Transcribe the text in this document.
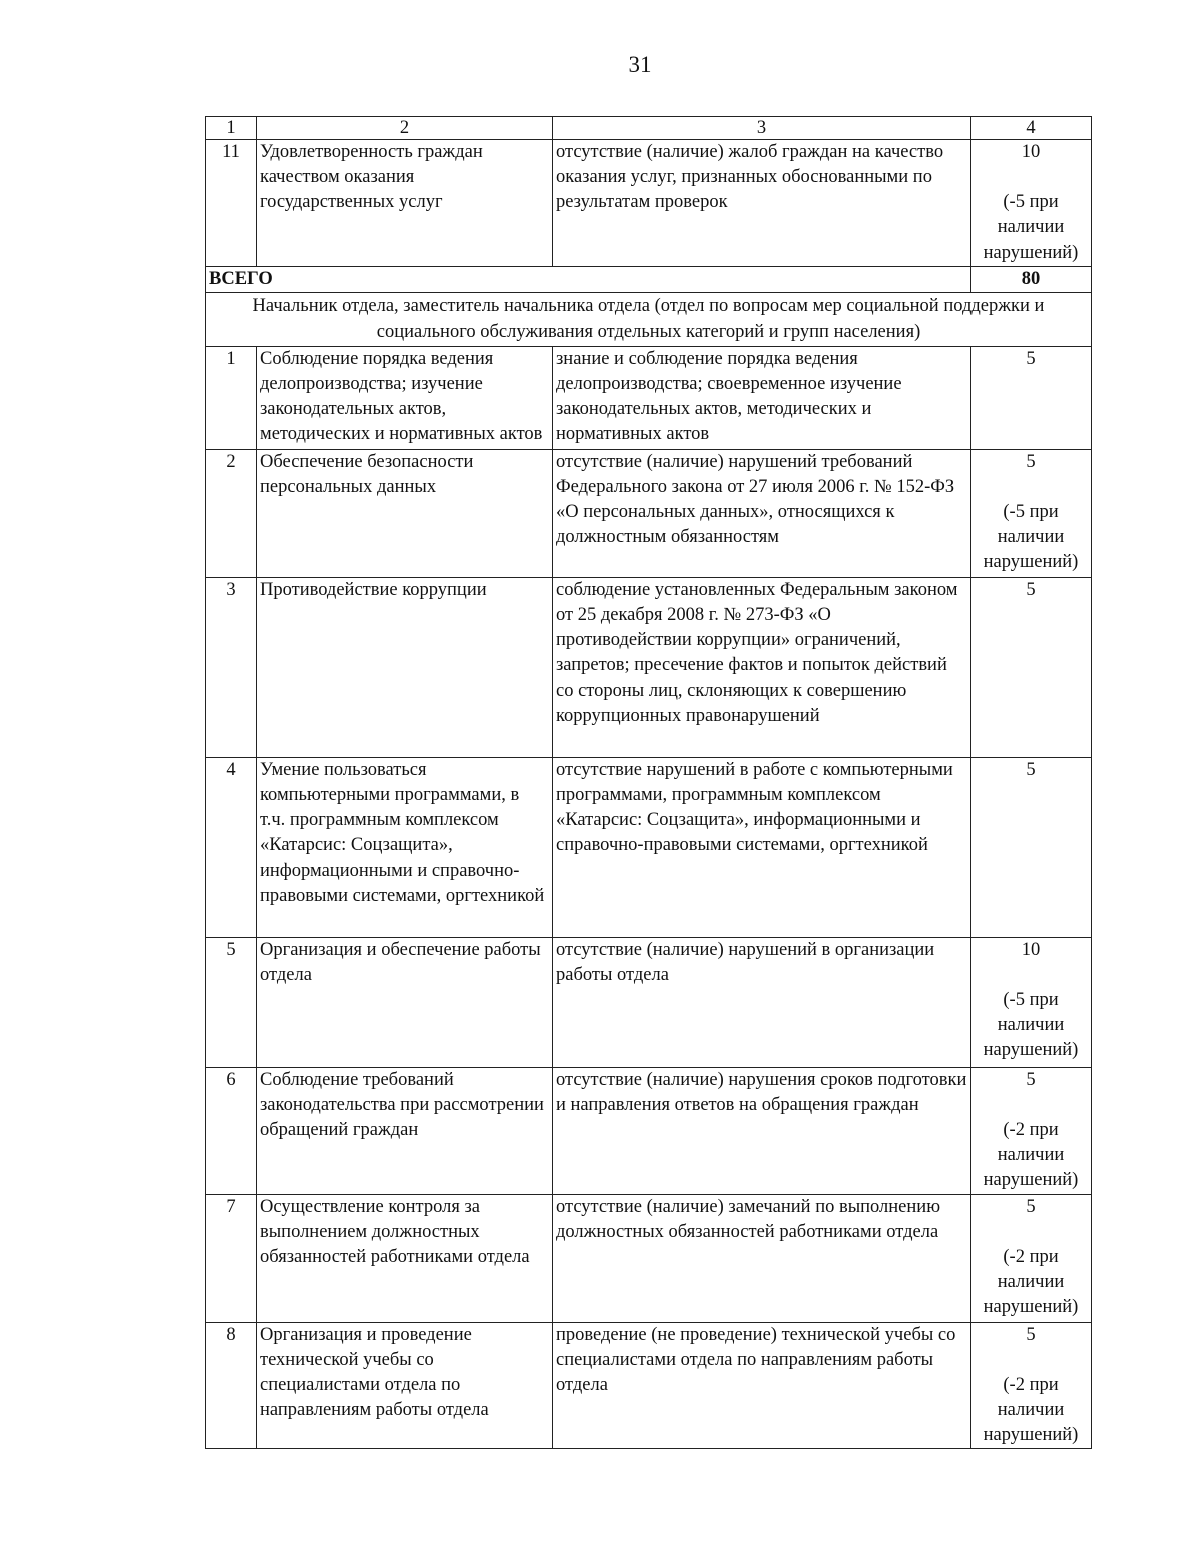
31
1	2	3	4
11	Удовлетворенность граждан качеством оказания государственных услуг	отсутствие (наличие) жалоб граждан на качество оказания услуг, признанных обоснованными по результатам проверок	10
(-5 при наличии нарушений)

ВСЕГО			80
Начальник отдела, заместитель начальника отдела (отдел по вопросам мер социальной поддержки и социального обслуживания отдельных категорий и групп населения)			
1	Соблюдение порядка ведения делопроизводства; изучение законодательных актов, методических и нормативных актов	знание и соблюдение порядка ведения делопроизводства; своевременное изучение законодательных актов, методических и нормативных актов	5
2	Обеспечение безопасности персональных данных	отсутствие (наличие) нарушений требований Федерального закона от 27 июля 2006 г. № 152-ФЗ «О персональных данных», относящихся к должностным обязанностям	5
(-5 при наличии нарушений)

3	Противодействие коррупции	соблюдение установленных Федеральным законом от 25 декабря 2008 г. № 273-ФЗ «О противодействии коррупции» ограничений, запретов; пресечение фактов и попыток действий со стороны лиц, склоняющих к совершению коррупционных правонарушений	5
4	Умение пользоваться компьютерными программами, в т.ч. программным комплексом «Катарсис: Соцзащита», информационными и справочно-правовыми системами, оргтехникой	отсутствие нарушений в работе с компьютерными программами, программным комплексом «Катарсис: Соцзащита», информационными и справочно-правовыми системами, оргтехникой	5
5	Организация и обеспечение работы отдела	отсутствие (наличие) нарушений в организации работы отдела	10
(-5 при наличии нарушений)

6	Соблюдение требований законодательства при рассмотрении обращений граждан	отсутствие (наличие) нарушения сроков подготовки и направления ответов на обращения граждан	5
(-2 при наличии нарушений)

7	Осуществление контроля за выполнением должностных обязанностей работниками отдела	отсутствие (наличие) замечаний по выполнению должностных обязанностей работниками отдела	5
(-2 при наличии нарушений)

8	Организация и проведение технической учебы со специалистами отдела по направлениям работы отдела	проведение (не проведение) технической учебы со специалистами отдела по направлениям работы отдела	5
(-2 при наличии нарушений)
